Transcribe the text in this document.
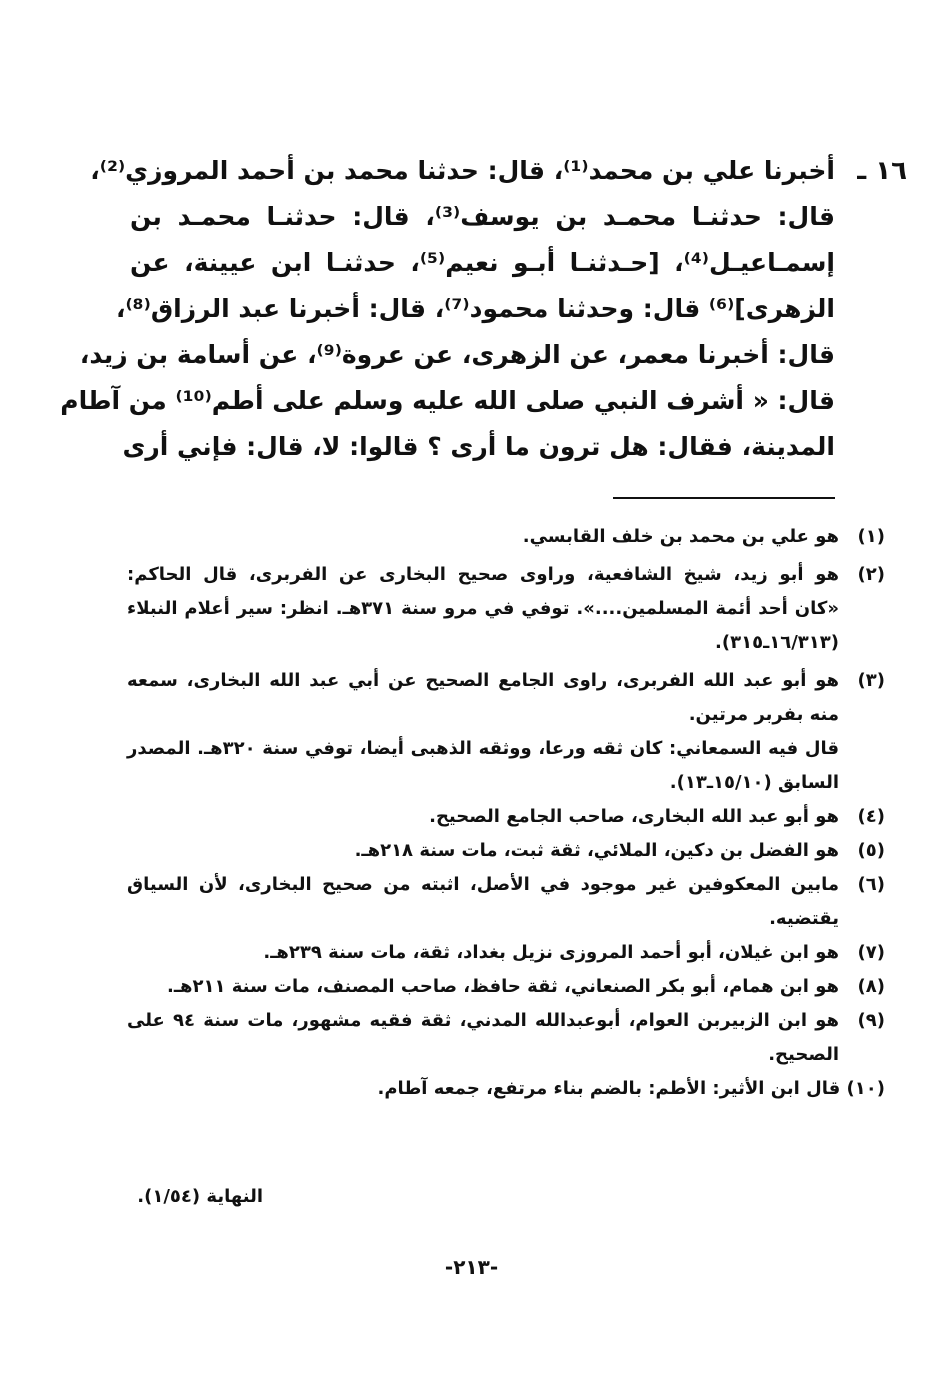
١٦ ـ
أخبرنا علي بن محمد⁽¹⁾، قال: حدثنا محمد بن أحمد المروزي⁽²⁾،
قال: حدثنـا محمـد بن يوسف⁽³⁾، قال: حدثنـا محمـد بن
إسمـاعيـل⁽⁴⁾، [حـدثنـا أبـو نعيم⁽⁵⁾، حدثنـا ابن عيينة، عن
الزهرى]⁽⁶⁾ قال: وحدثنا محمود⁽⁷⁾، قال: أخبرنا عبد الرزاق⁽⁸⁾،
قال: أخبرنا معمر، عن الزهرى، عن عروة⁽⁹⁾، عن أسامة بن زيد،
قال: « أشرف النبي صلى الله عليه وسلم على أطم⁽¹⁰⁾ من آطام
المدينة، فقال: هل ترون ما أرى ؟ قالوا: لا، قال: فإني أرى
(١)
هو علي بن محمد بن خلف القابسي.
(٢)
هو أبو زيد، شيخ الشافعية، وراوى صحيح البخارى عن الفربرى، قال الحاكم:
«كان أحد أئمة المسلمين....». توفي في مرو سنة ٣٧١هـ. انظر: سير أعلام النبلاء
(١٦/٣١٣ـ٣١٥).
(٣)
هو أبو عبد الله الفربرى، راوى الجامع الصحيح عن أبي عبد الله البخارى، سمعه
منه بفربر مرتين.
قال فيه السمعاني: كان ثقه ورعا، ووثقه الذهبى أيضا، توفي سنة ٣٢٠هـ. المصدر
السابق (١٥/١٠ـ١٣).
(٤)
هو أبو عبد الله البخارى، صاحب الجامع الصحيح.
(٥)
هو الفضل بن دكين، الملائي، ثقة ثبت، مات سنة ٢١٨هـ.
(٦)
مابين المعكوفين غير موجود في الأصل، اثبته من صحيح البخارى، لأن السياق
يقتضيه.
(٧)
هو ابن غيلان، أبو أحمد المروزى نزيل بغداد، ثقة، مات سنة ٢٣٩هـ.
(٨)
هو ابن همام، أبو بكر الصنعاني، ثقة حافظ، صاحب المصنف، مات سنة ٢١١هـ.
(٩)
هو ابن الزبيربن العوام، أبوعبدالله المدني، ثقة فقيه مشهور، مات سنة ٩٤ على
الصحيح.
(١٠) قال ابن الأثير: الأطم: بالضم بناء مرتفع، جمعه آطام.
النهاية (١/٥٤).
-٢١٣-
